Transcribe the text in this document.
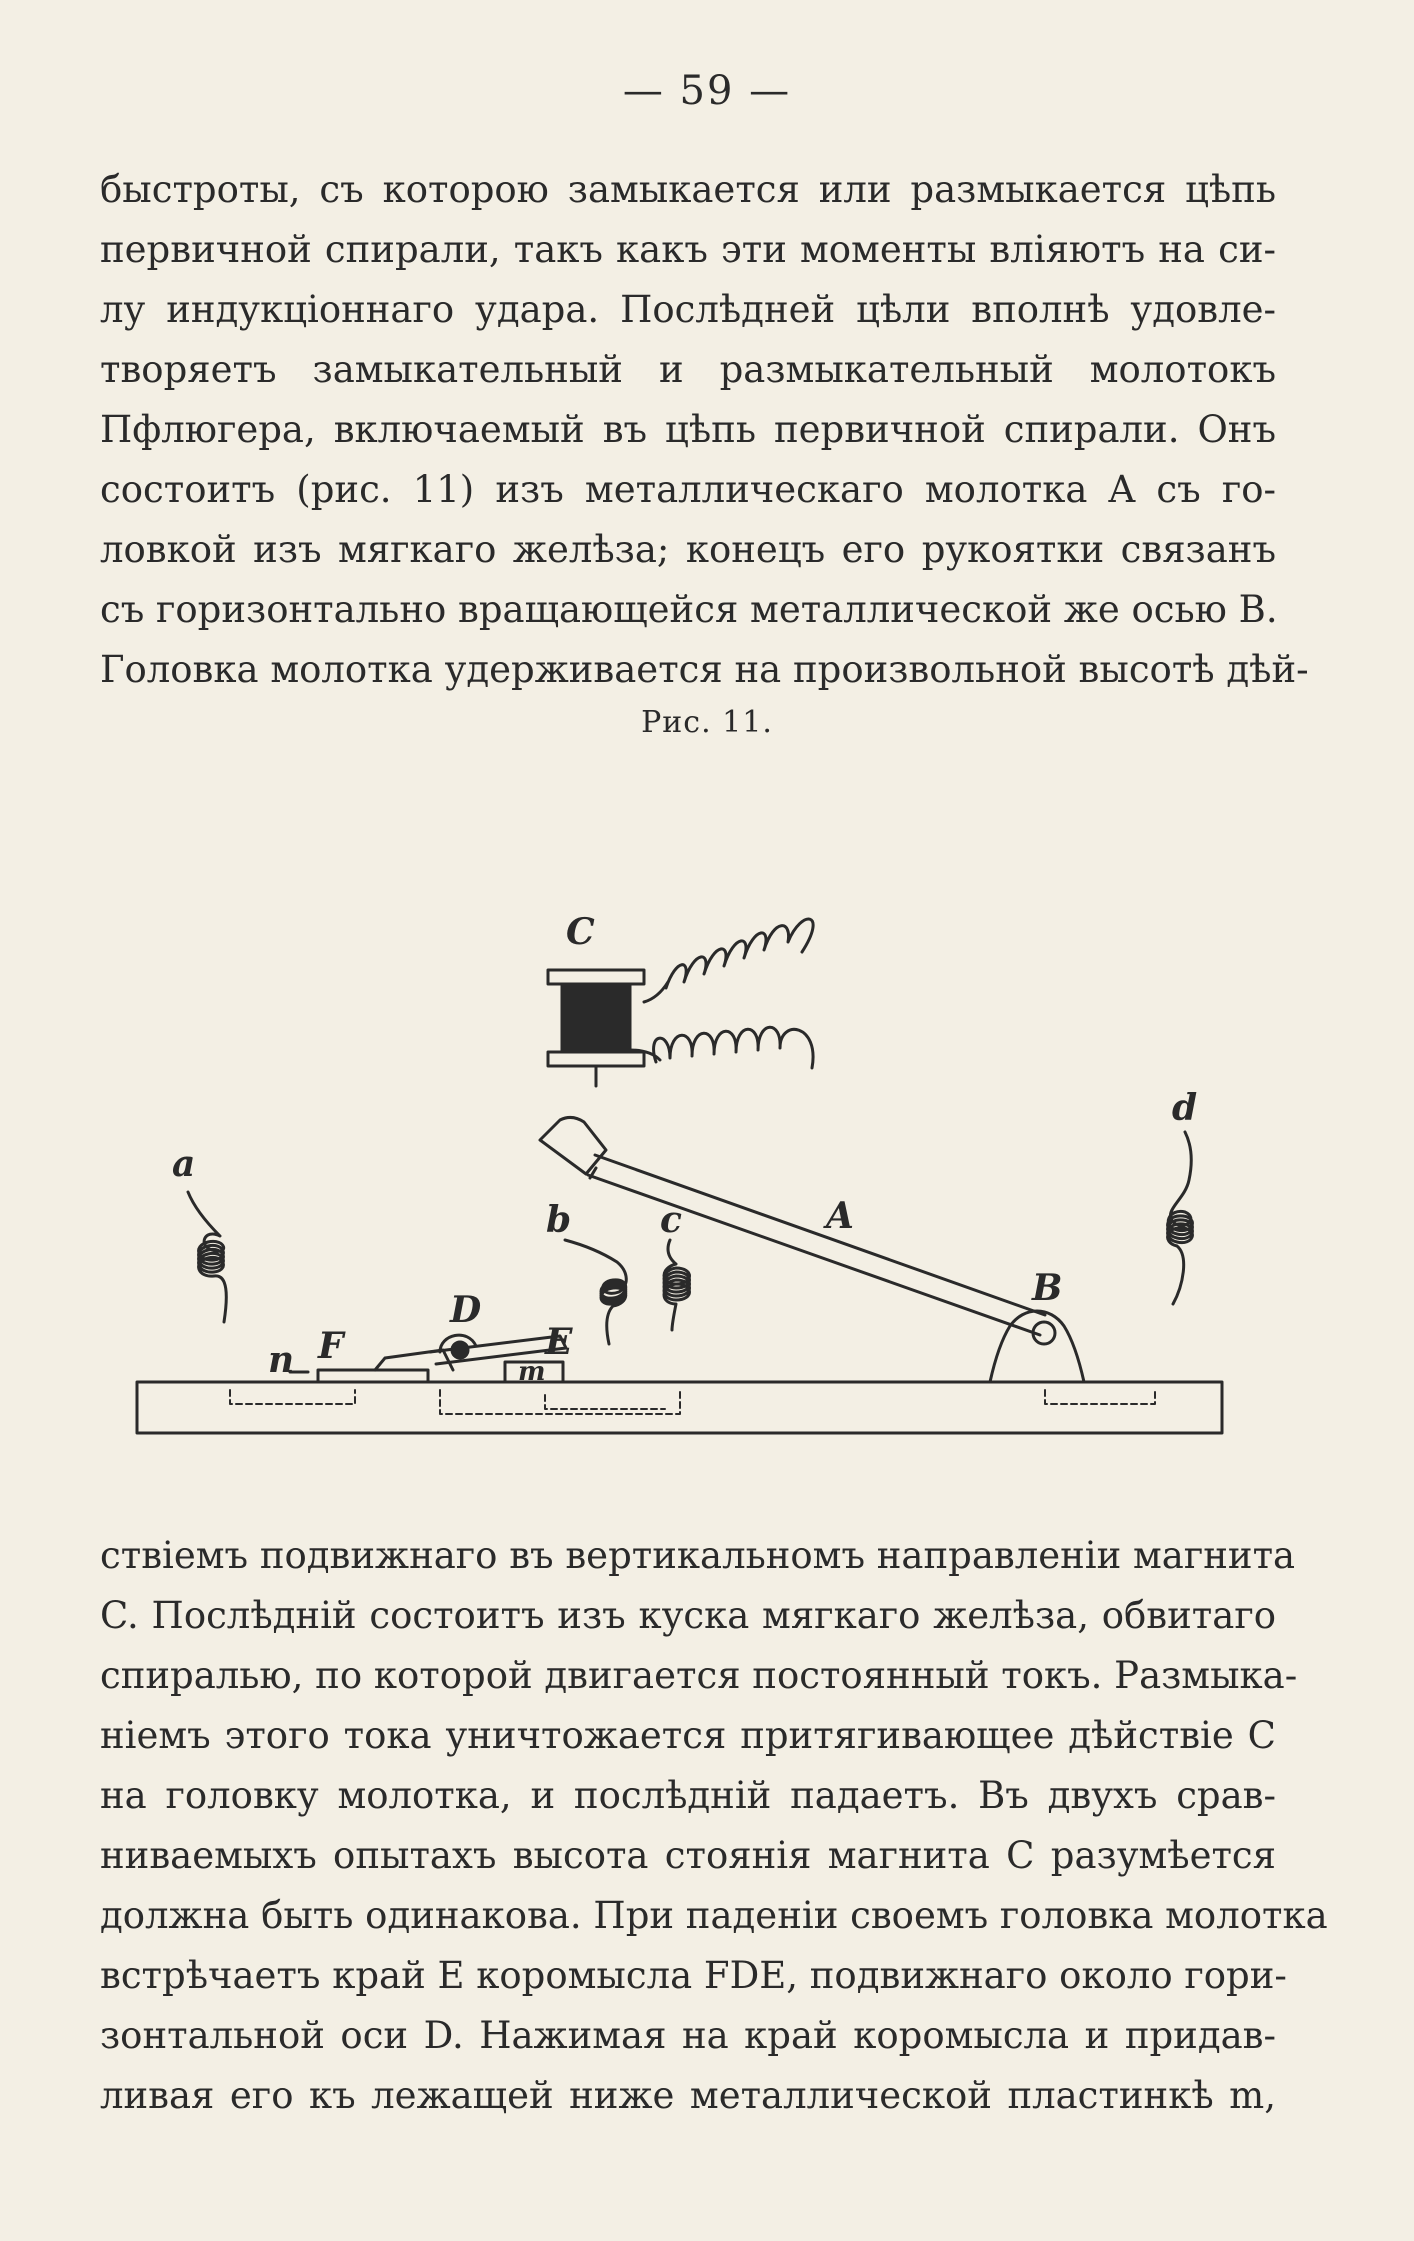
— 59 —
быстроты, съ которою замыкается или размыкается цѣпь
первичной спирали, такъ какъ эти моменты вліяютъ на си-
лу индукціоннаго удара. Послѣдней цѣли вполнѣ удовле-
творяетъ замыкательный и размыкательный молотокъ
Пфлюгера, включаемый въ цѣпь первичной спирали. Онъ
состоитъ (рис. 11) изъ металлическаго молотка A съ го-
ловкой изъ мягкаго желѣза; конецъ его рукоятки связанъ
съ горизонтально вращающейся металлической же осью B.
Головка молотка удерживается на произвольной высотѣ дѣй-
Рис. 11.
C
a
d
b c	A
B
D
E
F
n	m
ствіемъ подвижнаго въ вертикальномъ направленіи магнита
C. Послѣдній состоитъ изъ куска мягкаго желѣза, обвитаго
спиралью, по которой двигается постоянный токъ. Размыка-
ніемъ этого тока уничтожается притягивающее дѣйствіе C
на головку молотка, и послѣдній падаетъ. Въ двухъ срав-
ниваемыхъ опытахъ высота стоянія магнита C разумѣется
должна быть одинакова. При паденіи своемъ головка молотка
встрѣчаетъ край E коромысла FDE, подвижнаго около гори-
зонтальной оси D. Нажимая на край коромысла и придав-
ливая его къ лежащей ниже металлической пластинкѣ m,
